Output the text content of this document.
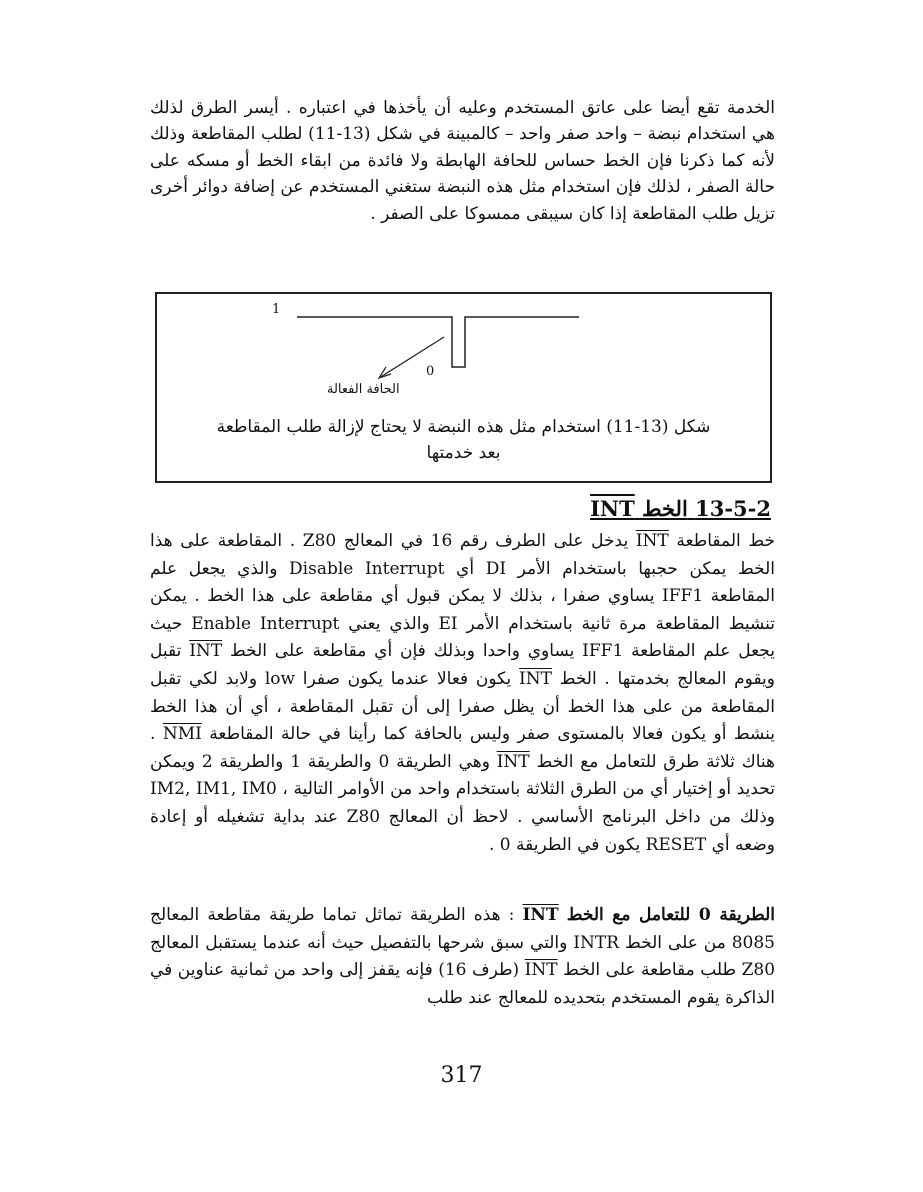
الخدمة تقع أيضا على عاتق المستخدم وعليه أن يأخذها في اعتباره . أيسر الطرق لذلك هي استخدام نبضة – واحد صفر واحد – كالمبينة في شكل (13-11) لطلب المقاطعة وذلك لأنه كما ذكرنا فإن الخط حساس للحافة الهابطة ولا فائدة من ابقاء الخط أو مسكه على حالة الصفر ، لذلك فإن استخدام مثل هذه النبضة ستغني المستخدم عن إضافة دوائر أخرى تزيل طلب المقاطعة إذا كان سيبقى ممسوكا على الصفر .

1
0
الحافة الفعالة
شكل (13-11) استخدام مثل هذه النبضة لا يحتاج لإزالة طلب المقاطعة
بعد خدمتها
13-5-2 الخط INT

خط المقاطعة INT يدخل على الطرف رقم 16 في المعالج Z80 . المقاطعة على هذا الخط يمكن حجبها باستخدام الأمر DI أي Disable Interrupt والذي يجعل علم المقاطعة IFF1 يساوي صفرا ، بذلك لا يمكن قبول أي مقاطعة على هذا الخط . يمكن تنشيط المقاطعة مرة ثانية باستخدام الأمر EI والذي يعني Enable Interrupt حيث يجعل علم المقاطعة IFF1 يساوي واحدا وبذلك فإن أي مقاطعة على الخط INT تقبل ويقوم المعالج بخدمتها . الخط INT يكون فعالا عندما يكون صفرا low ولابد لكي تقبل المقاطعة من على هذا الخط أن يظل صفرا إلى أن تقبل المقاطعة ، أي أن هذا الخط ينشط أو يكون فعالا بالمستوى صفر وليس بالحافة كما رأينا في حالة المقاطعة NMI . هناك ثلاثة طرق للتعامل مع الخط INT وهي الطريقة 0 والطريقة 1 والطريقة 2 ويمكن تحديد أو إختيار أي من الطرق الثلاثة باستخدام واحد من الأوامر التالية ، IM2, IM1, IM0 وذلك من داخل البرنامج الأساسي . لاحظ أن المعالج Z80 عند بداية تشغيله أو إعادة وضعه أي RESET يكون في الطريقة 0 .

الطريقة 0 للتعامل مع الخط INT : هذه الطريقة تماثل تماما طريقة مقاطعة المعالج 8085 من على الخط INTR والتي سبق شرحها بالتفصيل حيث أنه عندما يستقبل المعالج Z80 طلب مقاطعة على الخط INT (طرف 16) فإنه يقفز إلى واحد من ثمانية عناوين في الذاكرة يقوم المستخدم بتحديده للمعالج عند طلب

317
